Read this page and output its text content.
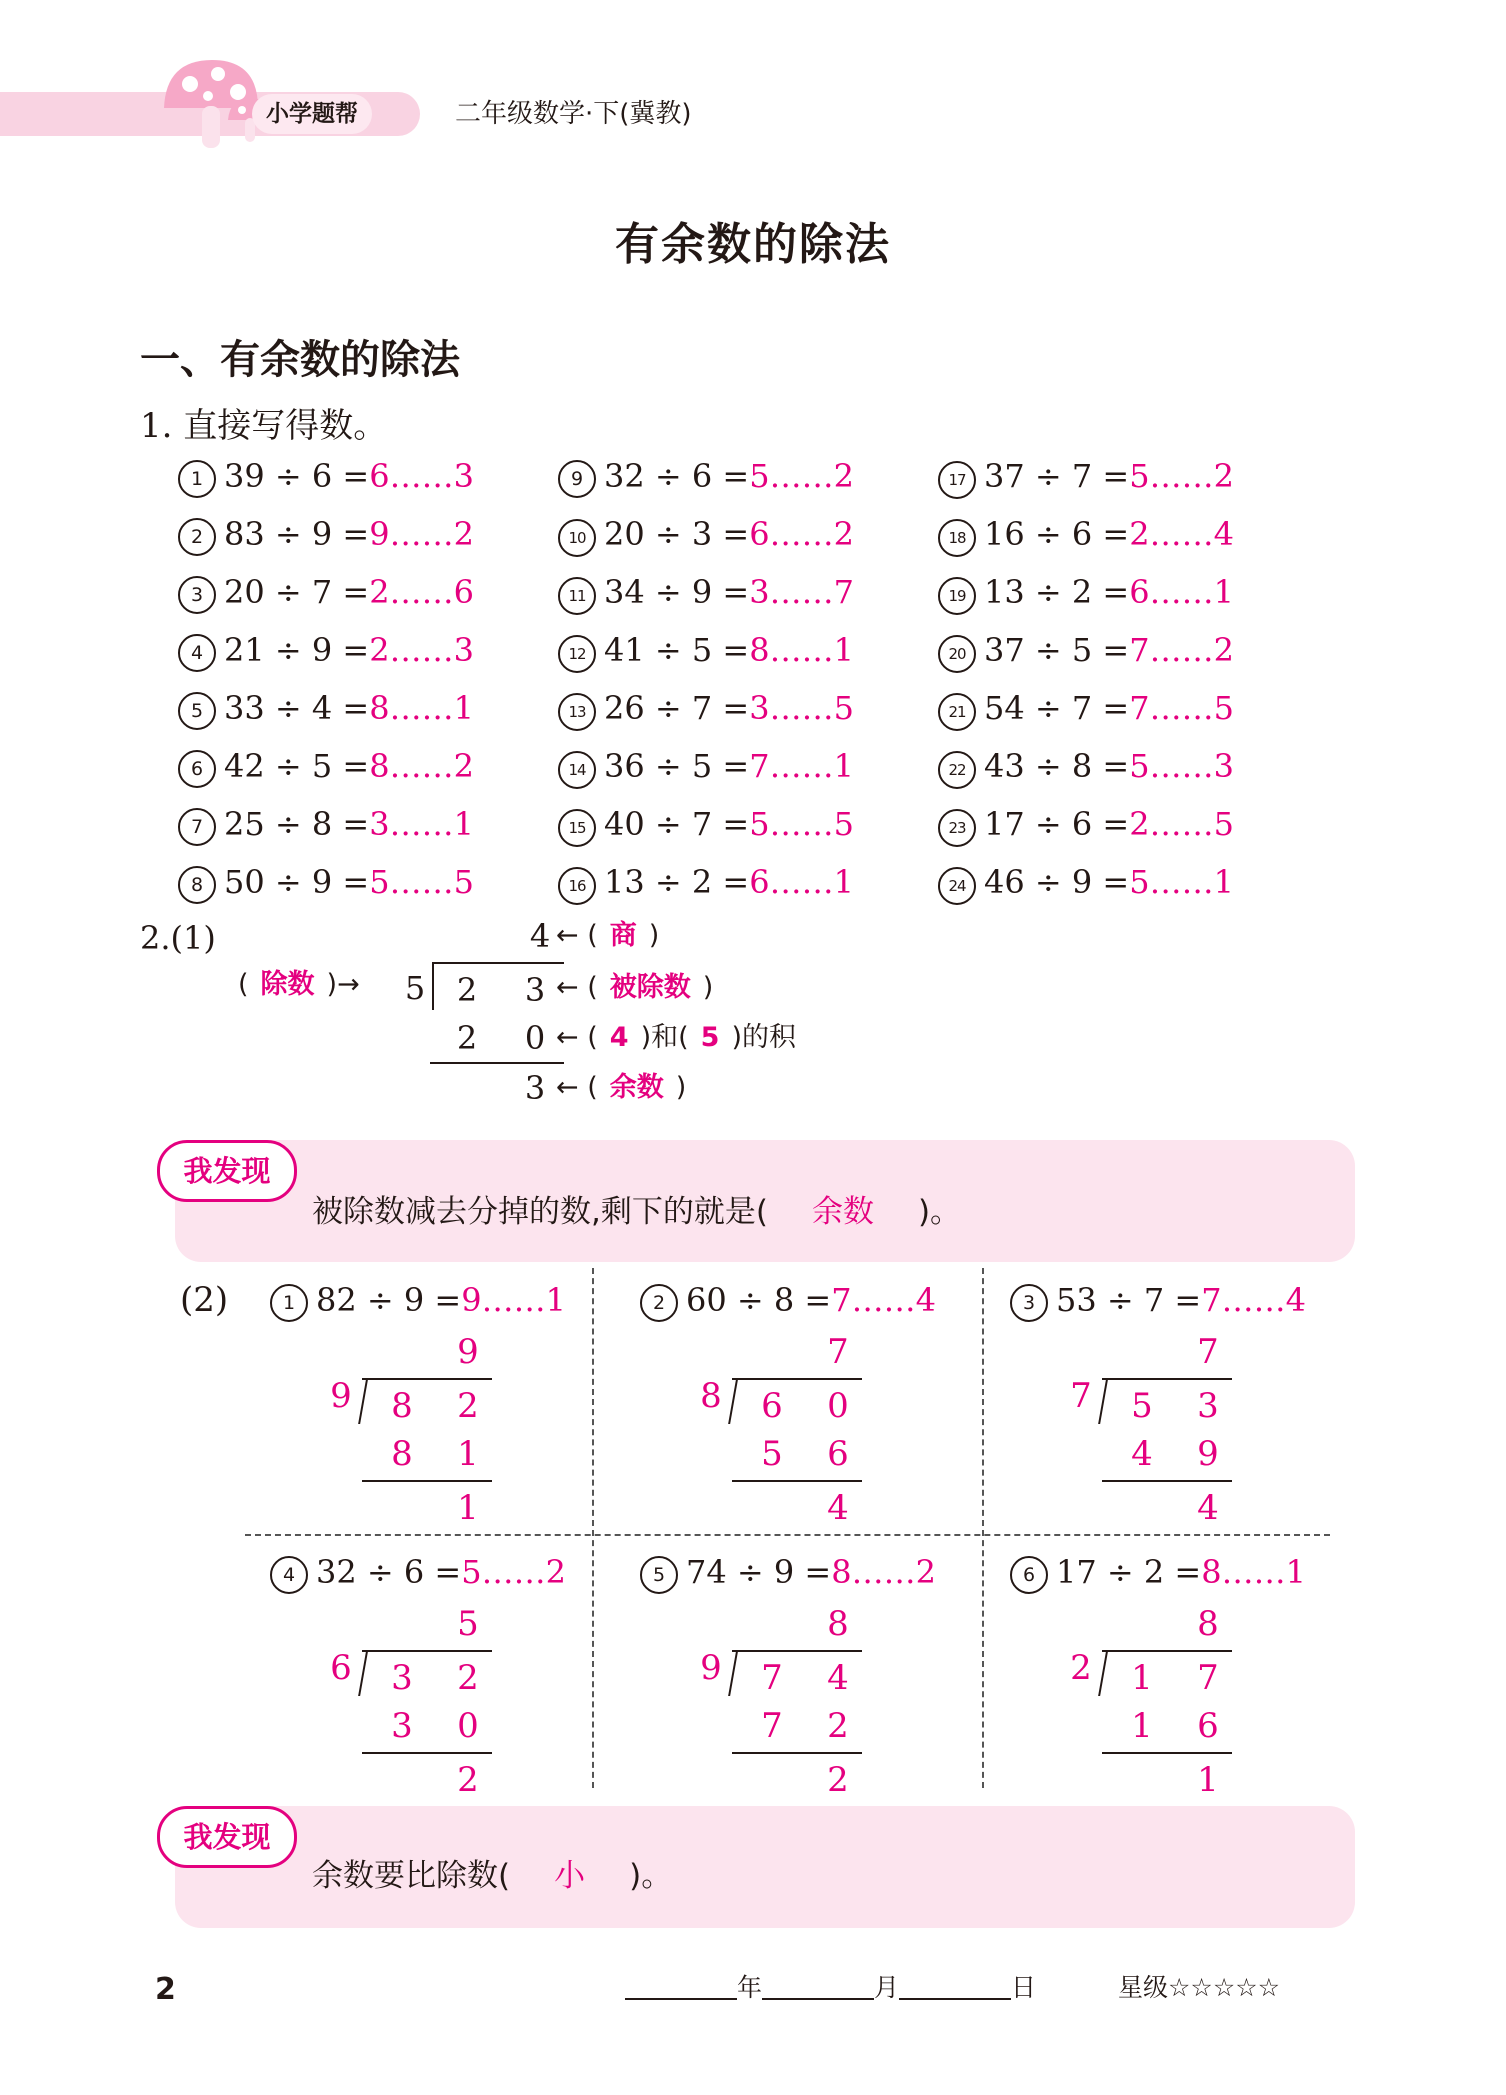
小学题帮	二年级数学·下(冀教)
有余数的除法
一、有余数的除法
1. 直接写得数。
1 39 ÷ 6 =6……3
2 83 ÷ 9 =9……2
3 20 ÷ 7 =2……6
4 21 ÷ 9 =2……3
5 33 ÷ 4 =8……1
6 42 ÷ 5 =8……2
7 25 ÷ 8 =3……1
8 50 ÷ 9 =5……5
9 32 ÷ 6 =5……2
10 20 ÷ 3 =6……2
11 34 ÷ 9 =3……7
12 41 ÷ 5 =8……1
13 26 ÷ 7 =3……5
14 36 ÷ 5 =7……1
15 40 ÷ 7 =5……5
16 13 ÷ 2 =6……1
17 37 ÷ 7 =5……2
18 16 ÷ 6 =2……4
19 13 ÷ 2 =6……1
20 37 ÷ 5 =7……2
21 54 ÷ 7 =7……5
22 43 ÷ 8 =5……3
23 17 ÷ 6 =2……5
24 46 ÷ 9 =5……1
2.(1)	4 ← ( 商 )
( 除数 )→ 5 2 3 ← ( 被除数 )
2 0 ← ( 4 )和( 5 )的积
3 ← ( 余数 )
我发现
被除数减去分掉的数,剩下的就是( 余数 )。
(2)	1 82 ÷ 9 =9……1
9
9 8 2
8 1
1
2 60 ÷ 8 =7……4
7
8 6 0
5 6
4
3 53 ÷ 7 =7……4
7
7 5 3
4 9
4
4 32 ÷ 6 =5……2
5
6 3 2
3 0
2
5 74 ÷ 9 =8……2
8
9 7 4
7 2
2
6 17 ÷ 2 =8……1
8
2 1 7
1 6
1
我发现
余数要比除数( 小 )。
2	年	月	日	星级☆☆☆☆☆
